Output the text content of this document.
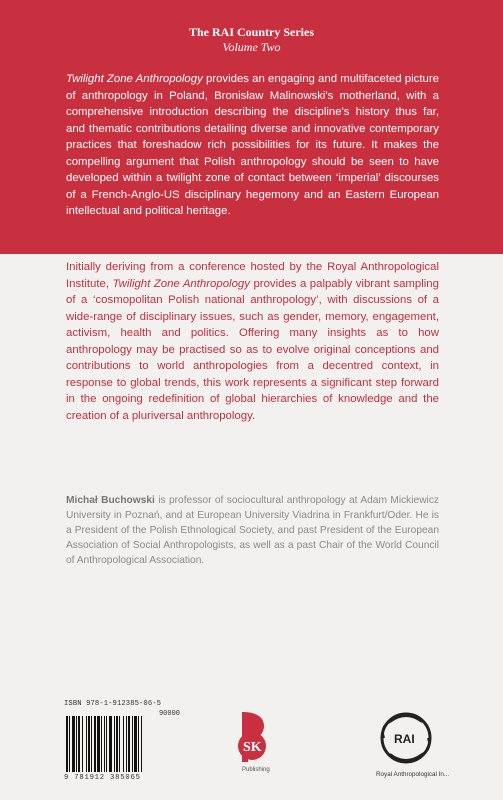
The RAI Country Series
Volume Two

Twilight Zone Anthropology provides an engaging and multifaceted picture of anthropology in Poland, Bronisław Malinowski's motherland, with a comprehensive introduction describing the discipline's history thus far, and thematic contributions detailing diverse and innovative contemporary practices that foreshadow rich possibilities for its future. It makes the compelling argument that Polish anthropology should be seen to have developed within a twilight zone of contact between ‘imperial’ discourses of a French-Anglo-US disciplinary hegemony and an Eastern European intellectual and political heritage.

Initially deriving from a conference hosted by the Royal Anthropological Institute, Twilight Zone Anthropology provides a palpably vibrant sampling of a ‘cosmopolitan Polish national anthropology’, with discussions of a wide-range of disciplinary issues, such as gender, memory, engagement, activism, health and politics. Offering many insights as to how anthropology may be practised so as to evolve original conceptions and contributions to world anthropologies from a decentred context, in response to global trends, this work represents a significant step forward in the ongoing redefinition of global hierarchies of knowledge and the creation of a pluriversal anthropology.

Michał Buchowski is professor of sociocultural anthropology at Adam Mickiewicz University in Poznań, and at European University Viadrina in Frankfurt/Oder. He is a President of the Polish Ethnological Society, and past President of the European Association of Social Anthropologists, as well as a past Chair of the World Council of Anthropological Association.

ISBN 978-1-912385-06-5
90000
9 781912 385065
SK
Publishing
RAI
Royal Anthropological In...
